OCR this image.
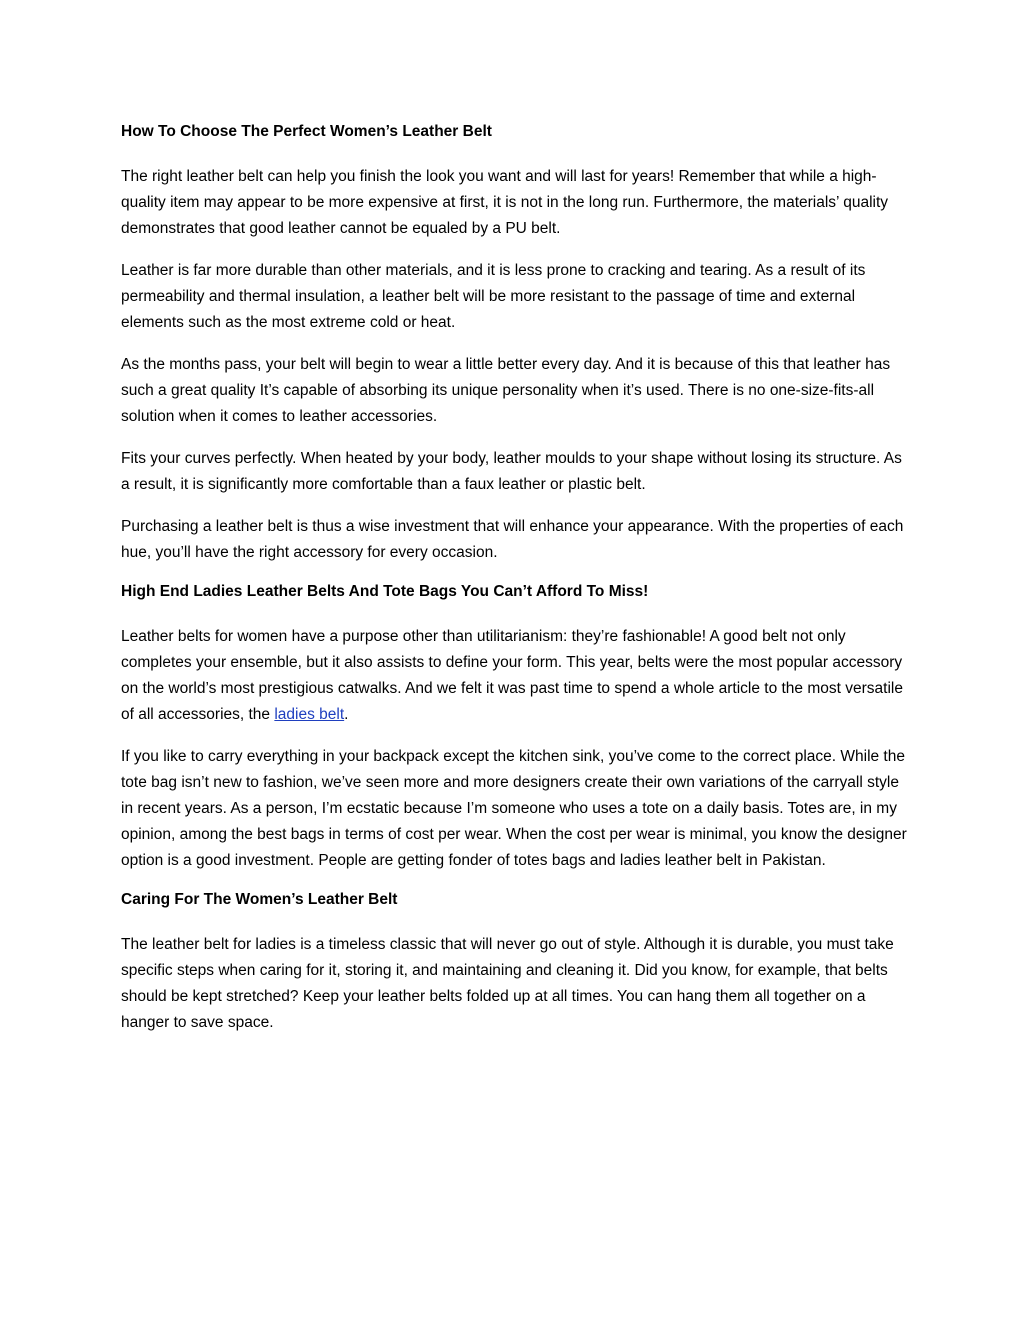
How To Choose The Perfect Women’s Leather Belt

The right leather belt can help you finish the look you want and will last for years! Remember that while a high-quality item may appear to be more expensive at first, it is not in the long run. Furthermore, the materials’ quality demonstrates that good leather cannot be equaled by a PU belt.

Leather is far more durable than other materials, and it is less prone to cracking and tearing. As a result of its permeability and thermal insulation, a leather belt will be more resistant to the passage of time and external elements such as the most extreme cold or heat.

As the months pass, your belt will begin to wear a little better every day. And it is because of this that leather has such a great quality It’s capable of absorbing its unique personality when it’s used. There is no one-size-fits-all solution when it comes to leather accessories.

Fits your curves perfectly. When heated by your body, leather moulds to your shape without losing its structure. As a result, it is significantly more comfortable than a faux leather or plastic belt.

Purchasing a leather belt is thus a wise investment that will enhance your appearance. With the properties of each hue, you’ll have the right accessory for every occasion.

High End Ladies Leather Belts And Tote Bags You Can’t Afford To Miss!

Leather belts for women have a purpose other than utilitarianism: they’re fashionable! A good belt not only completes your ensemble, but it also assists to define your form. This year, belts were the most popular accessory on the world’s most prestigious catwalks. And we felt it was past time to spend a whole article to the most versatile of all accessories, the ladies belt.

If you like to carry everything in your backpack except the kitchen sink, you’ve come to the correct place. While the tote bag isn’t new to fashion, we’ve seen more and more designers create their own variations of the carryall style in recent years. As a person, I’m ecstatic because I’m someone who uses a tote on a daily basis. Totes are, in my opinion, among the best bags in terms of cost per wear. When the cost per wear is minimal, you know the designer option is a good investment. People are getting fonder of totes bags and ladies leather belt in Pakistan.

Caring For The Women’s Leather Belt

The leather belt for ladies is a timeless classic that will never go out of style. Although it is durable, you must take specific steps when caring for it, storing it, and maintaining and cleaning it. Did you know, for example, that belts should be kept stretched? Keep your leather belts folded up at all times. You can hang them all together on a hanger to save space.
